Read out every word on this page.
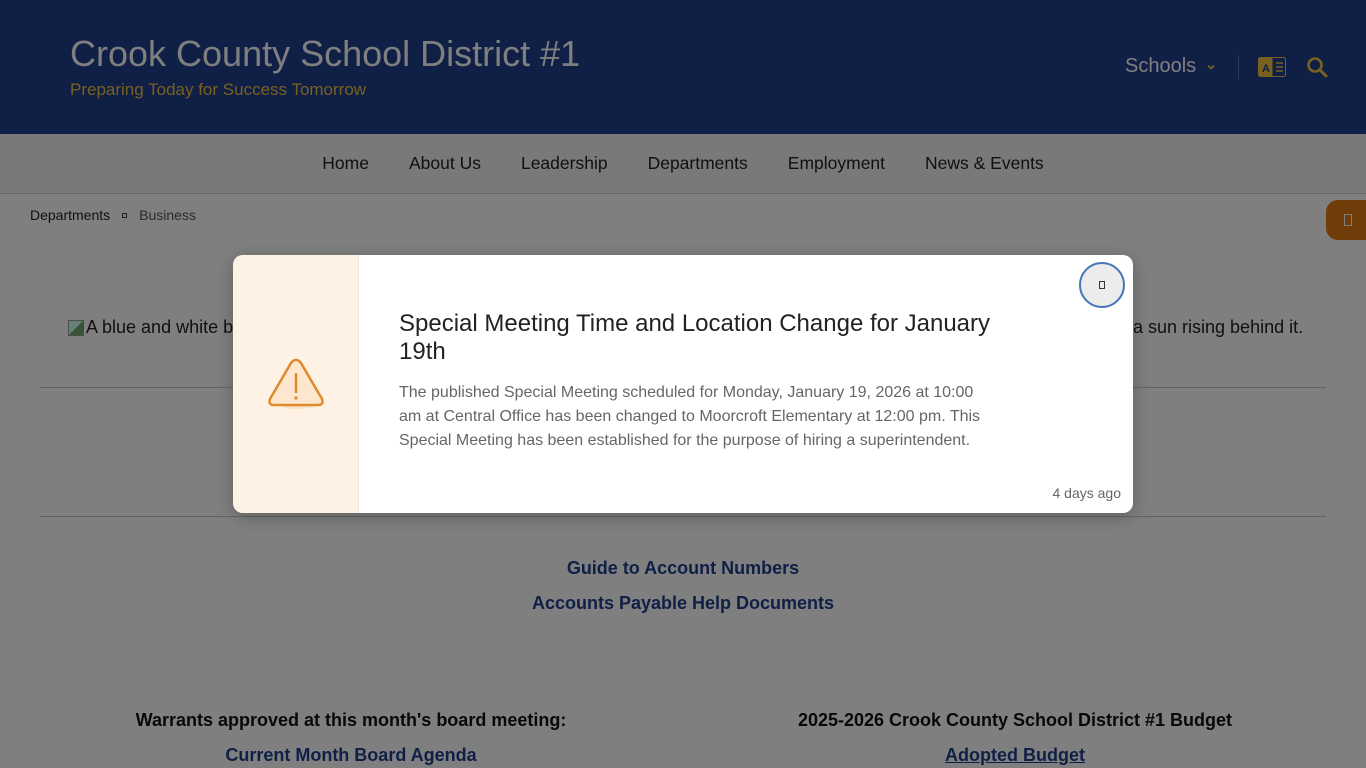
Special Meeting Time and Location Change for January 19th
The published Special Meeting scheduled for Monday, January 19, 2026 at 10:00 am at Central Office has been changed to Moorcroft Elementary at 12:00 pm. This Special Meeting has been established for the purpose of hiring a superintendent.
4 days ago
